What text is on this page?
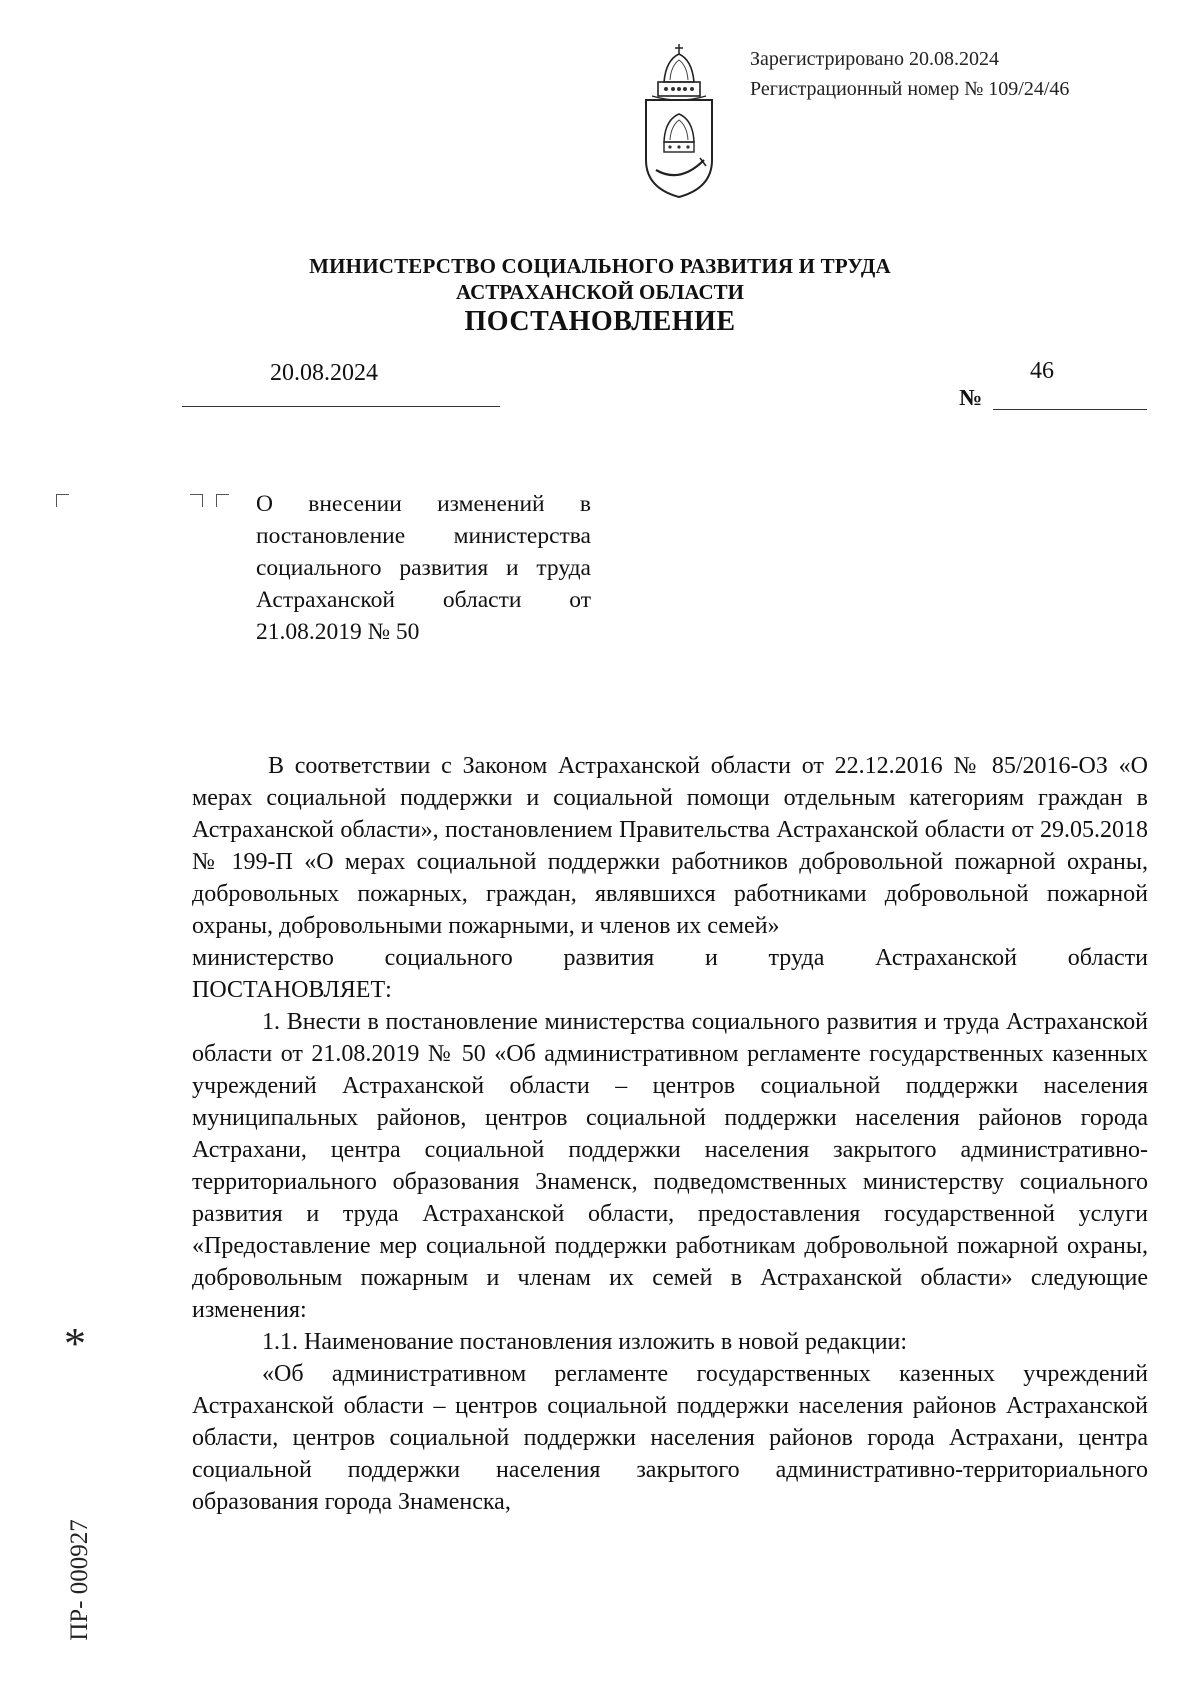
Зарегистрировано 20.08.2024
Регистрационный номер № 109/24/46
МИНИСТЕРСТВО СОЦИАЛЬНОГО РАЗВИТИЯ И ТРУДА
АСТРАХАНСКОЙ ОБЛАСТИ
ПОСТАНОВЛЕНИЕ
20.08.2024
№
46
О внесении изменений в постановление министерства социального развития и труда Астраханской области от 21.08.2019 № 50

В соответствии с Законом Астраханской области от 22.12.2016 № 85/2016-ОЗ «О мерах социальной поддержки и социальной помощи отдельным категориям граждан в Астраханской области», постановлением Правительства Астраханской области от 29.05.2018 № 199-П «О мерах социальной поддержки работников добровольной пожарной охраны, добровольных пожарных, граждан, являвшихся работниками добровольной пожарной охраны, добровольными пожарными, и членов их семей»

министерство социального развития и труда Астраханской области

ПОСТАНОВЛЯЕТ:

1. Внести в постановление министерства социального развития и труда Астраханской области от 21.08.2019 № 50 «Об административном регламенте государственных казенных учреждений Астраханской области – центров социальной поддержки населения муниципальных районов, центров социальной поддержки населения районов города Астрахани, центра социальной поддержки населения закрытого административно-территориального образования Знаменск, подведомственных министерству социального развития и труда Астраханской области, предоставления государственной услуги «Предоставление мер социальной поддержки работникам добровольной пожарной охраны, добровольным пожарным и членам их семей в Астраханской области» следующие изменения:

1.1. Наименование постановления изложить в новой редакции:

«Об административном регламенте государственных казенных учреждений Астраханской области – центров социальной поддержки населения районов Астраханской области, центров социальной поддержки населения районов города Астрахани, центра социальной поддержки населения закрытого административно-территориального образования города Знаменска,

*
ПР- 000927
